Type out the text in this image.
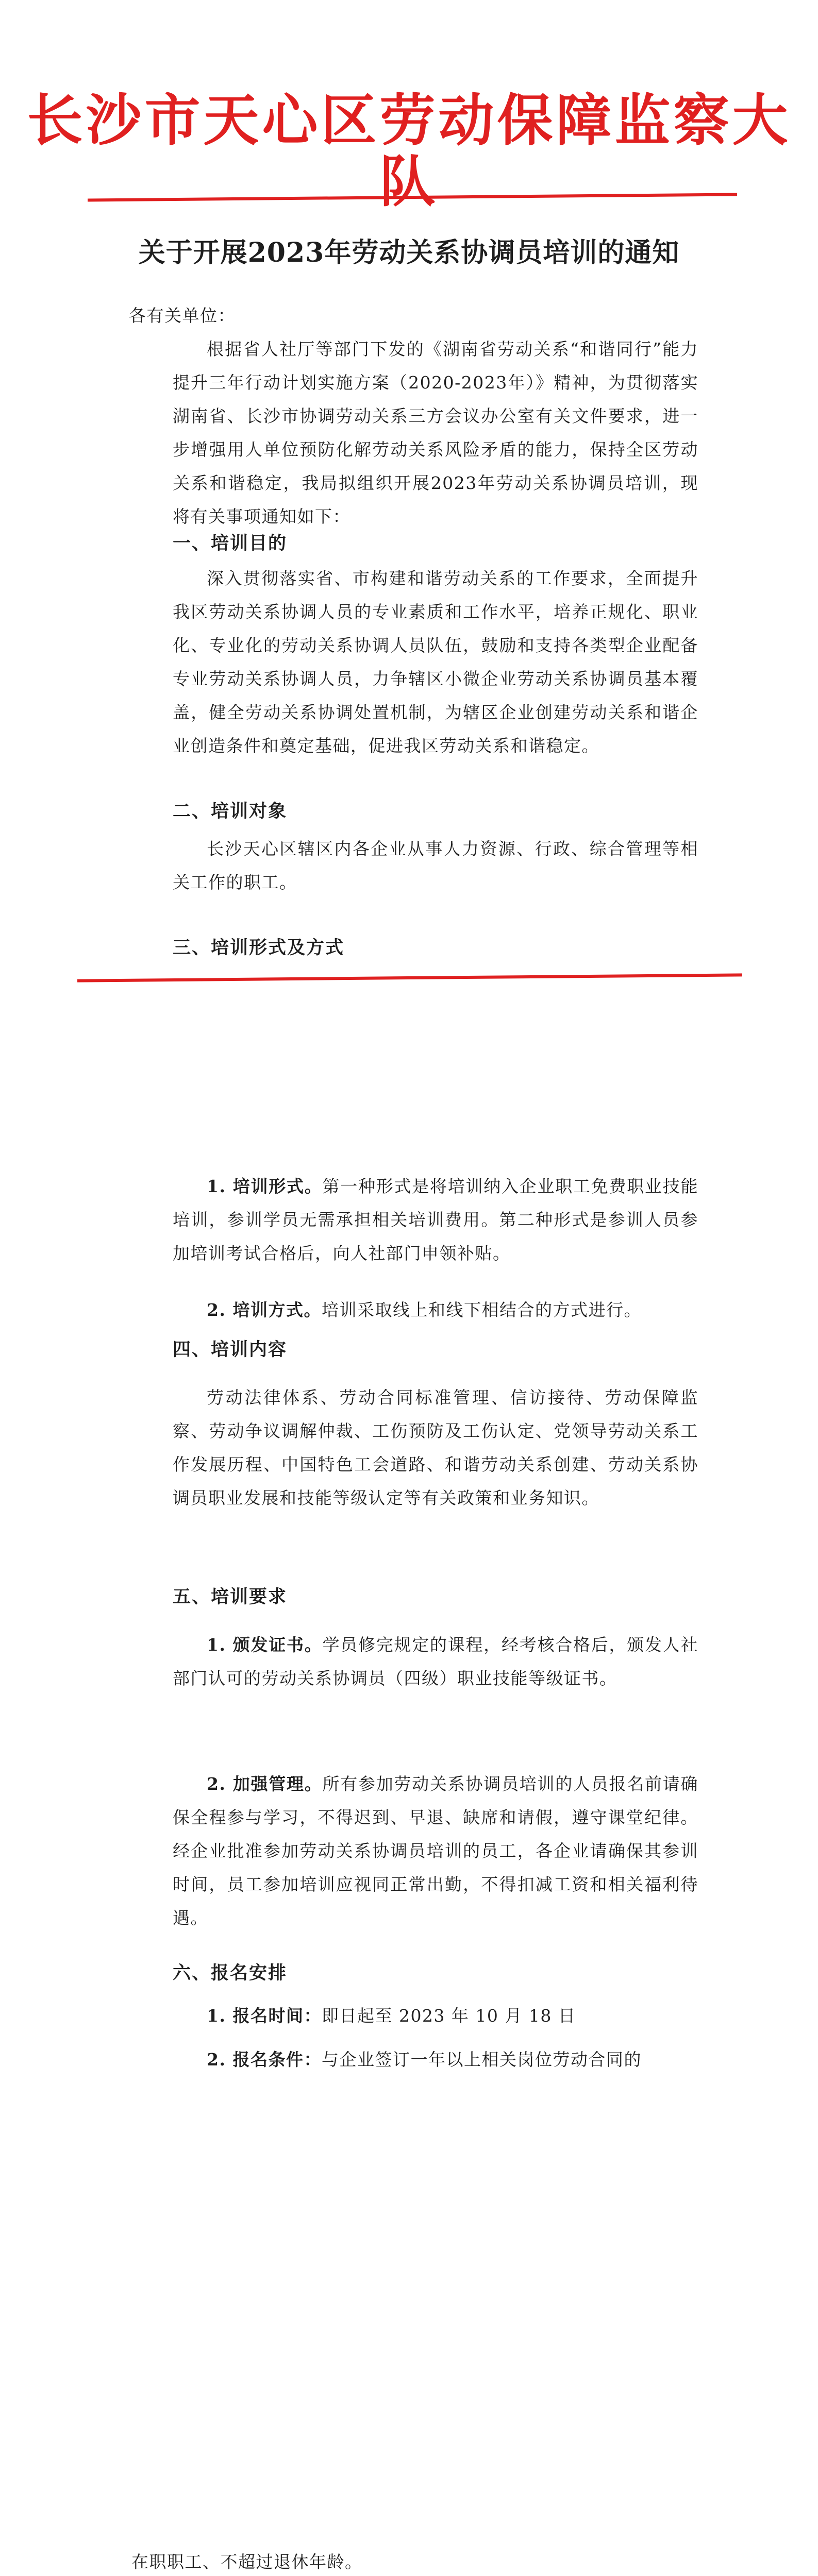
长沙市天心区劳动保障监察大队
关于开展2023年劳动关系协调员培训的通知
各有关单位：
根据省人社厅等部门下发的《湖南省劳动关系“和谐同行”能力提升三年行动计划实施方案（2020-2023年）》精神，为贯彻落实湖南省、长沙市协调劳动关系三方会议办公室有关文件要求，进一步增强用人单位预防化解劳动关系风险矛盾的能力，保持全区劳动关系和谐稳定，我局拟组织开展2023年劳动关系协调员培训，现将有关事项通知如下：
一、培训目的
深入贯彻落实省、市构建和谐劳动关系的工作要求，全面提升我区劳动关系协调人员的专业素质和工作水平，培养正规化、职业化、专业化的劳动关系协调人员队伍，鼓励和支持各类型企业配备专业劳动关系协调人员，力争辖区小微企业劳动关系协调员基本覆盖，健全劳动关系协调处置机制，为辖区企业创建劳动关系和谐企业创造条件和奠定基础，促进我区劳动关系和谐稳定。
二、培训对象
长沙天心区辖区内各企业从事人力资源、行政、综合管理等相关工作的职工。
三、培训形式及方式
1. 培训形式。第一种形式是将培训纳入企业职工免费职业技能培训，参训学员无需承担相关培训费用。第二种形式是参训人员参加培训考试合格后，向人社部门申领补贴。
2. 培训方式。培训采取线上和线下相结合的方式进行。
四、培训内容
劳动法律体系、劳动合同标准管理、信访接待、劳动保障监察、劳动争议调解仲裁、工伤预防及工伤认定、党领导劳动关系工作发展历程、中国特色工会道路、和谐劳动关系创建、劳动关系协调员职业发展和技能等级认定等有关政策和业务知识。
五、培训要求
1. 颁发证书。学员修完规定的课程，经考核合格后，颁发人社部门认可的劳动关系协调员（四级）职业技能等级证书。
2. 加强管理。所有参加劳动关系协调员培训的人员报名前请确保全程参与学习，不得迟到、早退、缺席和请假，遵守课堂纪律。经企业批准参加劳动关系协调员培训的员工，各企业请确保其参训时间，员工参加培训应视同正常出勤，不得扣减工资和相关福利待遇。
六、报名安排
1. 报名时间：即日起至 2023 年 10 月 18 日
2. 报名条件：与企业签订一年以上相关岗位劳动合同的
在职职工、不超过退休年龄。
